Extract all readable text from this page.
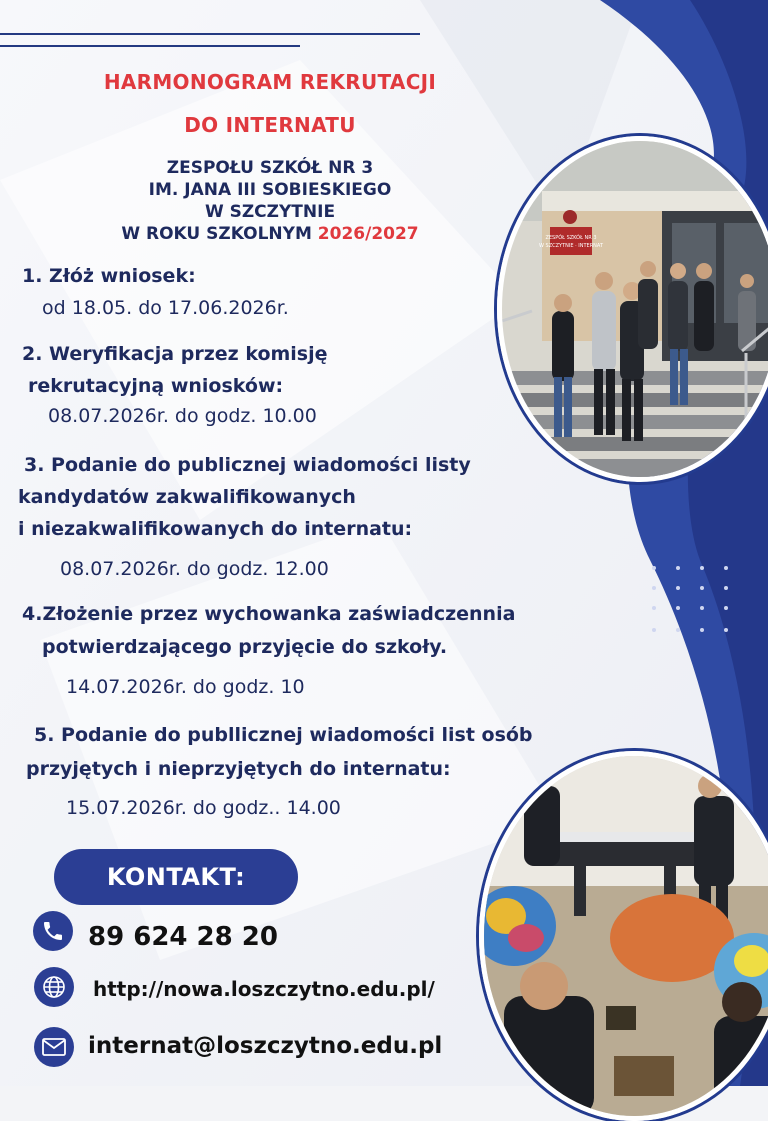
HARMONOGRAM REKRUTACJI
DO INTERNATU
ZESPOŁU SZKÓŁ NR 3
IM. JANA III SOBIESKIEGO
W SZCZYTNIE
W ROKU SZKOLNYM 2026/2027
1. Złóż wniosek:
od 18.05. do 17.06.2026r.
2. Weryfikacja przez komisję
rekrutacyjną wniosków:
08.07.2026r. do godz. 10.00
3. Podanie do publicznej wiadomości listy
kandydatów zakwalifikowanych
i niezakwalifikowanych do internatu:
08.07.2026r. do godz. 12.00
4.Złożenie przez wychowanka zaświadczennia
potwierdzającego przyjęcie do szkoły.
14.07.2026r. do godz. 10
5. Podanie do publlicznej wiadomości list osób
przyjętych i nieprzyjętych do internatu:
15.07.2026r. do godz.. 14.00
ZESPÓŁ SZKÓŁ NR 3
W SZCZYTNIE · INTERNAT
KONTAKT:
89 624 28 20
http://nowa.loszczytno.edu.pl/
internat@loszczytno.edu.pl
